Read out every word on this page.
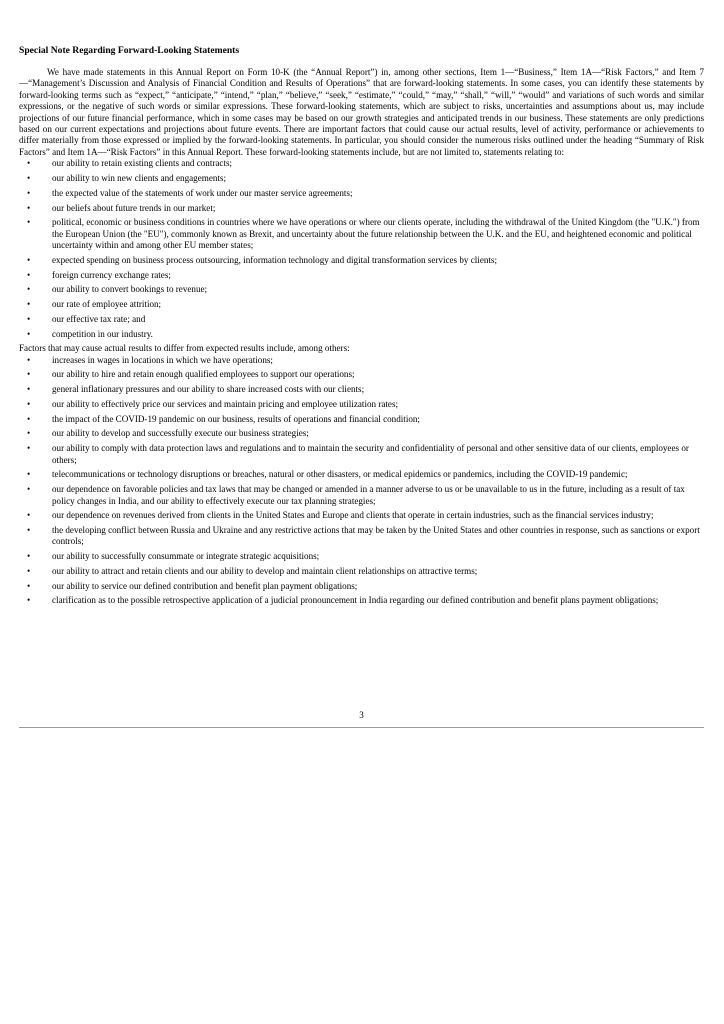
Special Note Regarding Forward-Looking Statements

We have made statements in this Annual Report on Form 10-K (the “Annual Report”) in, among other sections, Item 1—“Business,” Item 1A—“Risk Factors,” and Item 7—“Management’s Discussion and Analysis of Financial Condition and Results of Operations” that are forward-looking statements. In some cases, you can identify these statements by forward-looking terms such as “expect,” “anticipate,” “intend,” “plan,” “believe,” “seek,” “estimate,” “could,” “may,” “shall,” “will,” “would” and variations of such words and similar expressions, or the negative of such words or similar expressions. These forward-looking statements, which are subject to risks, uncertainties and assumptions about us, may include projections of our future financial performance, which in some cases may be based on our growth strategies and anticipated trends in our business. These statements are only predictions based on our current expectations and projections about future events. There are important factors that could cause our actual results, level of activity, performance or achievements to differ materially from those expressed or implied by the forward-looking statements. In particular, you should consider the numerous risks outlined under the heading “Summary of Risk Factors” and Item 1A—“Risk Factors” in this Annual Report. These forward-looking statements include, but are not limited to, statements relating to:

• our ability to retain existing clients and contracts;
• our ability to win new clients and engagements;
• the expected value of the statements of work under our master service agreements;
• our beliefs about future trends in our market;
• political, economic or business conditions in countries where we have operations or where our clients operate, including the withdrawal of the United Kingdom (the "U.K.") from the European Union (the "EU"), commonly known as Brexit, and uncertainty about the future relationship between the U.K. and the EU, and heightened economic and political uncertainty within and among other EU member states;
• expected spending on business process outsourcing, information technology and digital transformation services by clients;
• foreign currency exchange rates;
• our ability to convert bookings to revenue;
• our rate of employee attrition;
• our effective tax rate; and
• competition in our industry.

Factors that may cause actual results to differ from expected results include, among others:

• increases in wages in locations in which we have operations;
• our ability to hire and retain enough qualified employees to support our operations;
• general inflationary pressures and our ability to share increased costs with our clients;
• our ability to effectively price our services and maintain pricing and employee utilization rates;
• the impact of the COVID-19 pandemic on our business, results of operations and financial condition;
• our ability to develop and successfully execute our business strategies;
• our ability to comply with data protection laws and regulations and to maintain the security and confidentiality of personal and other sensitive data of our clients, employees or others;
• telecommunications or technology disruptions or breaches, natural or other disasters, or medical epidemics or pandemics, including the COVID-19 pandemic;
• our dependence on favorable policies and tax laws that may be changed or amended in a manner adverse to us or be unavailable to us in the future, including as a result of tax policy changes in India, and our ability to effectively execute our tax planning strategies;
• our dependence on revenues derived from clients in the United States and Europe and clients that operate in certain industries, such as the financial services industry;
• the developing conflict between Russia and Ukraine and any restrictive actions that may be taken by the United States and other countries in response, such as sanctions or export controls;
• our ability to successfully consummate or integrate strategic acquisitions;
• our ability to attract and retain clients and our ability to develop and maintain client relationships on attractive terms;
• our ability to service our defined contribution and benefit plan payment obligations;
• clarification as to the possible retrospective application of a judicial pronouncement in India regarding our defined contribution and benefit plans payment obligations;

3
